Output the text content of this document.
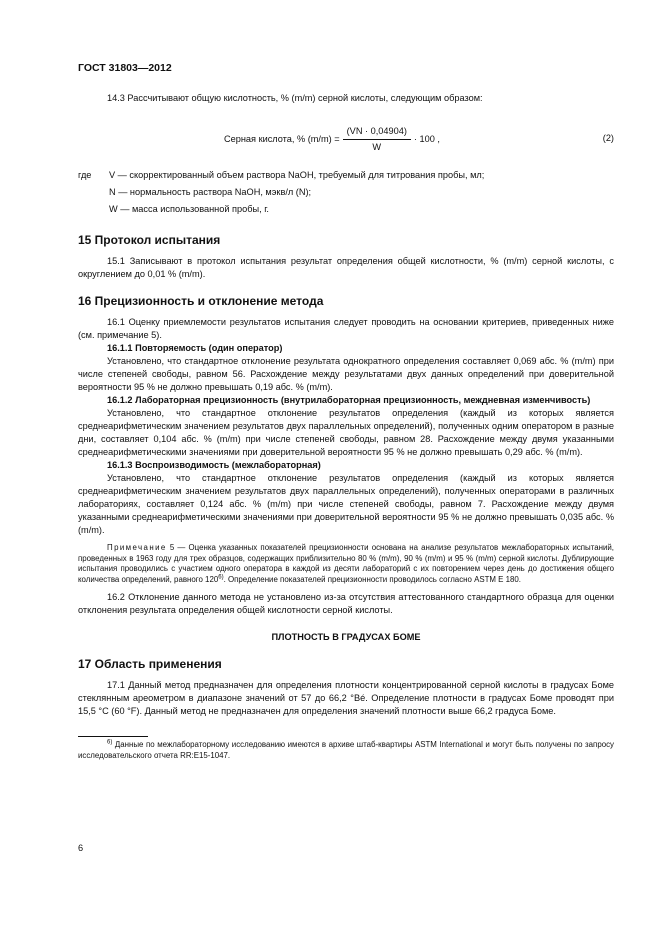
ГОСТ 31803—2012

14.3 Рассчитывают общую кислотность, % (m/m) серной кислоты, следующим образом:

Серная кислота, % $(m/m) = \frac{(VN \cdot 0,04904)}{W} \cdot 100$ ,	(2)
где	V — скорректированный объем раствора NaOH, требуемый для титрования пробы, мл;
N — нормальность раствора NaOH, мэкв/л (N);
W — масса использованной пробы, г.
15 Протокол испытания

15.1 Записывают в протокол испытания результат определения общей кислотности, % (m/m) серной кислоты, с округлением до 0,01 % (m/m).

16 Прецизионность и отклонение метода

16.1 Оценку приемлемости результатов испытания следует проводить на основании критериев, приведенных ниже (см. примечание 5).

16.1.1 Повторяемость (один оператор)

Установлено, что стандартное отклонение результата однократного определения составляет 0,069 абс. % (m/m) при числе степеней свободы, равном 56. Расхождение между результатами двух данных определений при доверительной вероятности 95 % не должно превышать 0,19 абс. % (m/m).

16.1.2 Лабораторная прецизионность (внутрилабораторная прецизионность, междневная изменчивость)

Установлено, что стандартное отклонение результатов определения (каждый из которых является среднеарифметическим значением результатов двух параллельных определений), полученных одним оператором в разные дни, составляет 0,104 абс. % (m/m) при числе степеней свободы, равном 28. Расхождение между двумя указанными среднеарифметическими значениями при доверительной вероятности 95 % не должно превышать 0,29 абс. % (m/m).

16.1.3 Воспроизводимость (межлабораторная)

Установлено, что стандартное отклонение результатов определения (каждый из которых является среднеарифметическим значением результатов двух параллельных определений), полученных операторами в различных лабораториях, составляет 0,124 абс. % (m/m) при числе степеней свободы, равном 7. Расхождение между двумя указанными среднеарифметическими значениями при доверительной вероятности 95 % не должно превышать 0,035 абс. % (m/m).

Примечание 5 — Оценка указанных показателей прецизионности основана на анализе результатов межлабораторных испытаний, проведенных в 1963 году для трех образцов, содержащих приблизительно 80 % (m/m), 90 % (m/m) и 95 % (m/m) серной кислоты. Дублирующие испытания проводились с участием одного оператора в каждой из десяти лабораторий с их повторением через день до достижения общего количества определений, равного 120$^{6)}$. Определение показателей прецизионности проводилось согласно ASTM E 180.

16.2 Отклонение данного метода не установлено из-за отсутствия аттестованного стандартного образца для оценки отклонения результата определения общей кислотности серной кислоты.

ПЛОТНОСТЬ В ГРАДУСАХ БОМЕ
17 Область применения

17.1 Данный метод предназначен для определения плотности концентрированной серной кислоты в градусах Боме стеклянным ареометром в диапазоне значений от 57 до 66,2 °Bé. Определение плотности в градусах Боме проводят при 15,5 °C (60 °F). Данный метод не предназначен для определения значений плотности выше 66,2 градуса Боме.

$^{6)}$ Данные по межлабораторному исследованию имеются в архиве штаб-квартиры ASTM International и могут быть получены по запросу исследовательского отчета RR:E15-1047.

6
